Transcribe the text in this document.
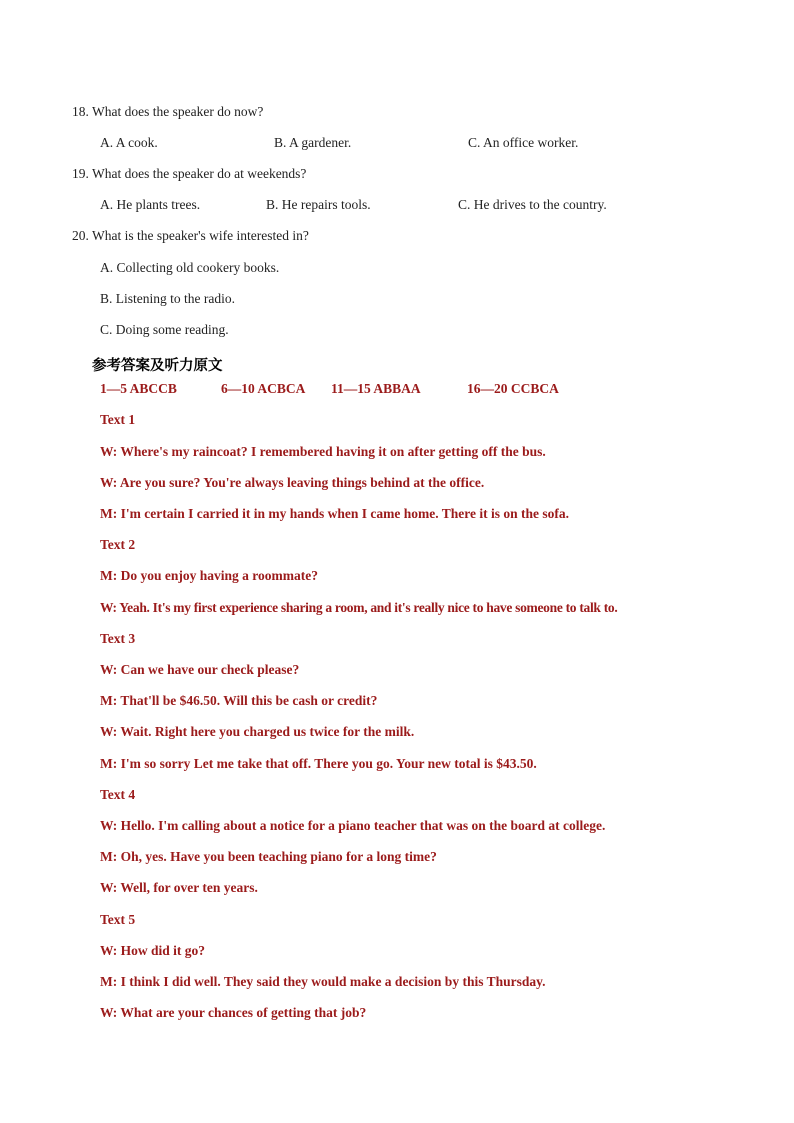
18. What does the speaker do now?
A. A cook.	B. A gardener.	C. An office worker.
19. What does the speaker do at weekends?
A. He plants trees.	B. He repairs tools.	C. He drives to the country.
20. What is the speaker's wife interested in?
A. Collecting old cookery books.
B. Listening to the radio.
C. Doing some reading.
参考答案及听力原文
1—5 ABCCB	6—10 ACBCA 11—15 ABBAA	16—20 CCBCA
Text 1
W: Where's my raincoat? I remembered having it on after getting off the bus.
W: Are you sure? You're always leaving things behind at the office.
M: I'm certain I carried it in my hands when I came home. There it is on the sofa.
Text 2
M: Do you enjoy having a roommate?
W: Yeah. It's my first experience sharing a room, and it's really nice to have someone to talk to.
Text 3
W: Can we have our check please?
M: That'll be $46.50. Will this be cash or credit?
W: Wait. Right here you charged us twice for the milk.
M: I'm so sorry Let me take that off. There you go. Your new total is $43.50.
Text 4
W: Hello. I'm calling about a notice for a piano teacher that was on the board at college.
M: Oh, yes. Have you been teaching piano for a long time?
W: Well, for over ten years.
Text 5
W: How did it go?
M: I think I did well. They said they would make a decision by this Thursday.
W: What are your chances of getting that job?
